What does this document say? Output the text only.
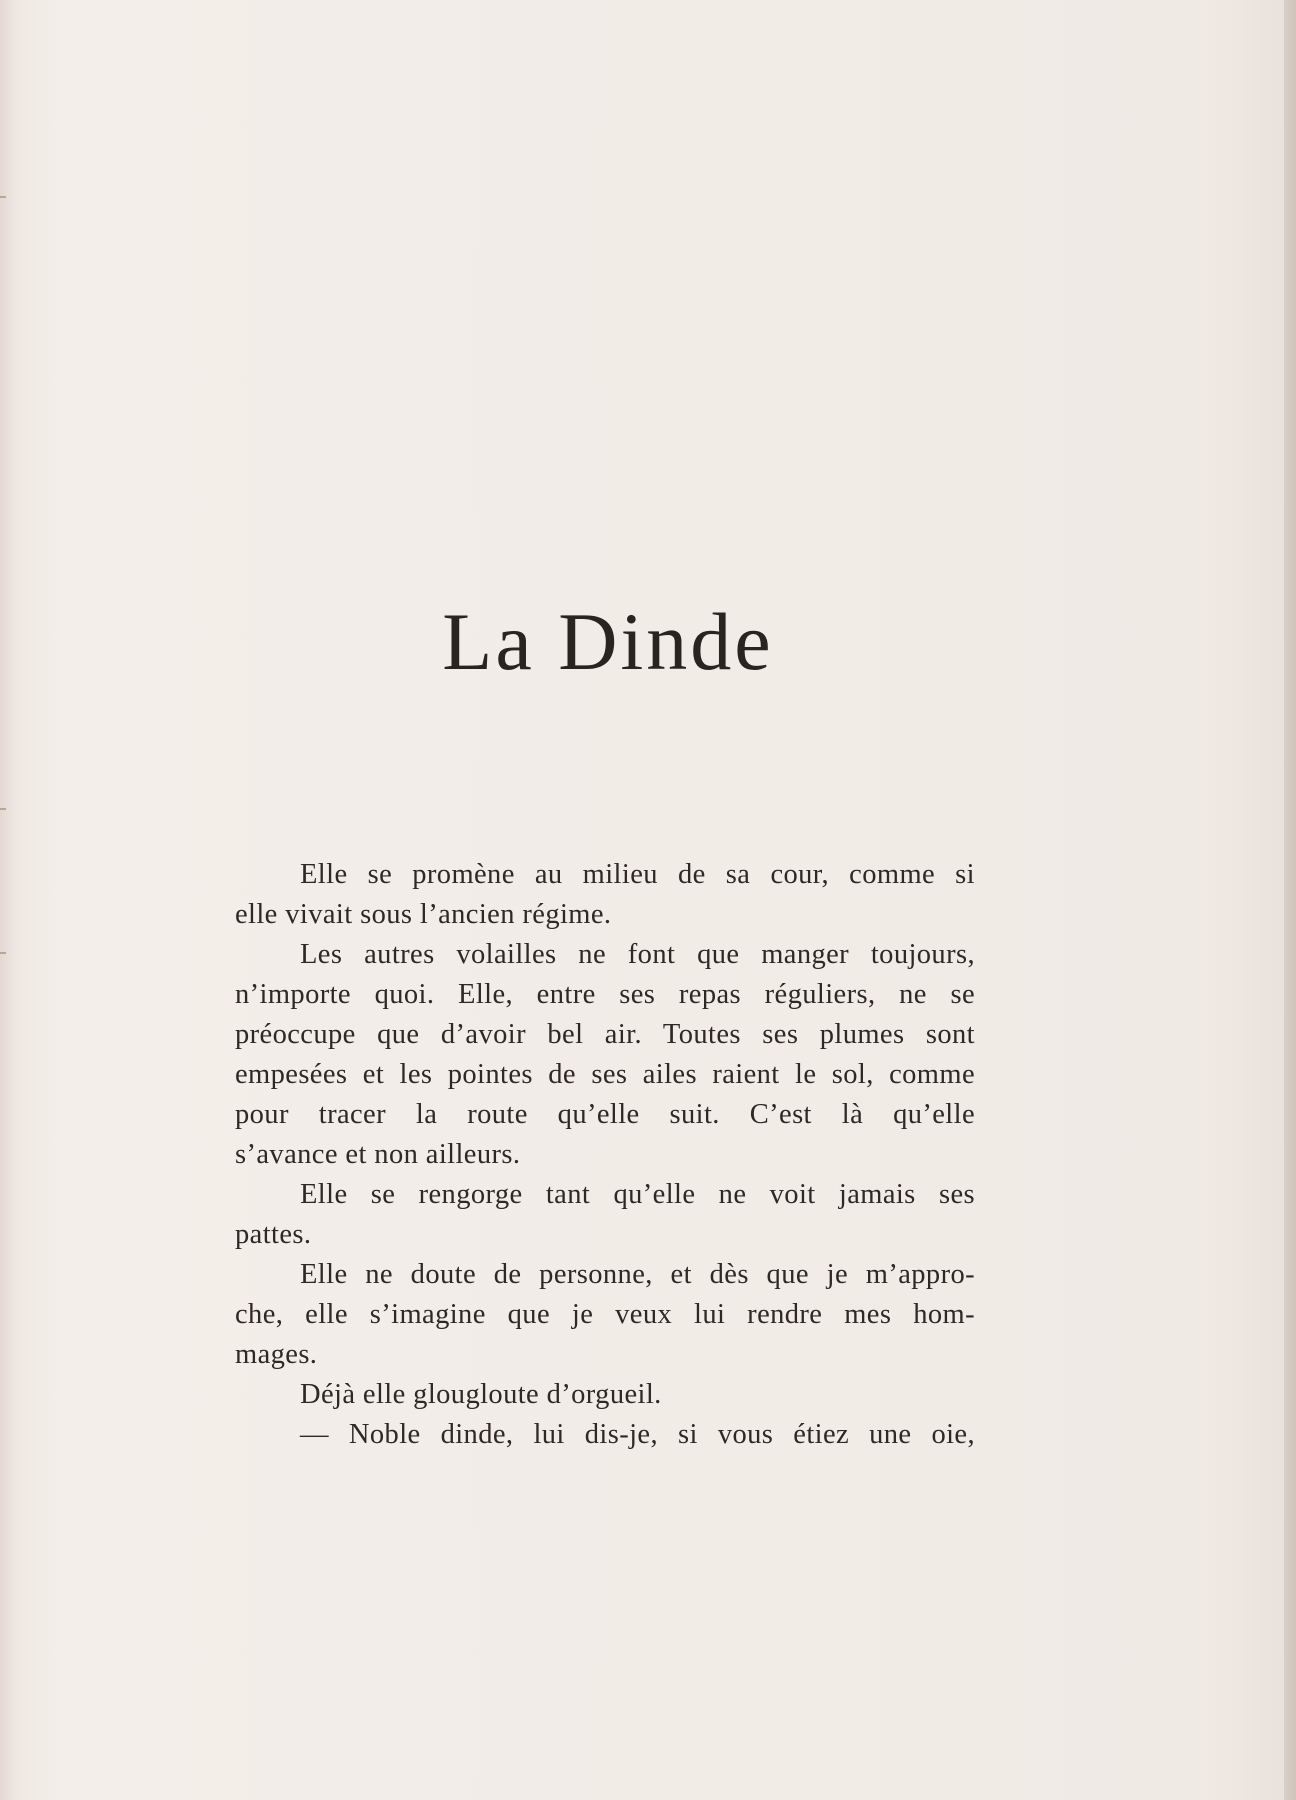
La Dinde
Elle se promène au milieu de sa cour, comme si
elle vivait sous l’ancien régime.
Les autres volailles ne font que manger toujours,
n’importe quoi. Elle, entre ses repas réguliers, ne se
préoccupe que d’avoir bel air. Toutes ses plumes sont
empesées et les pointes de ses ailes raient le sol, comme
pour tracer la route qu’elle suit. C’est là qu’elle
s’avance et non ailleurs.
Elle se rengorge tant qu’elle ne voit jamais ses
pattes.
Elle ne doute de personne, et dès que je m’appro-
che, elle s’imagine que je veux lui rendre mes hom-
mages.
Déjà elle glougloute d’orgueil.
— Noble dinde, lui dis-je, si vous étiez une oie,
